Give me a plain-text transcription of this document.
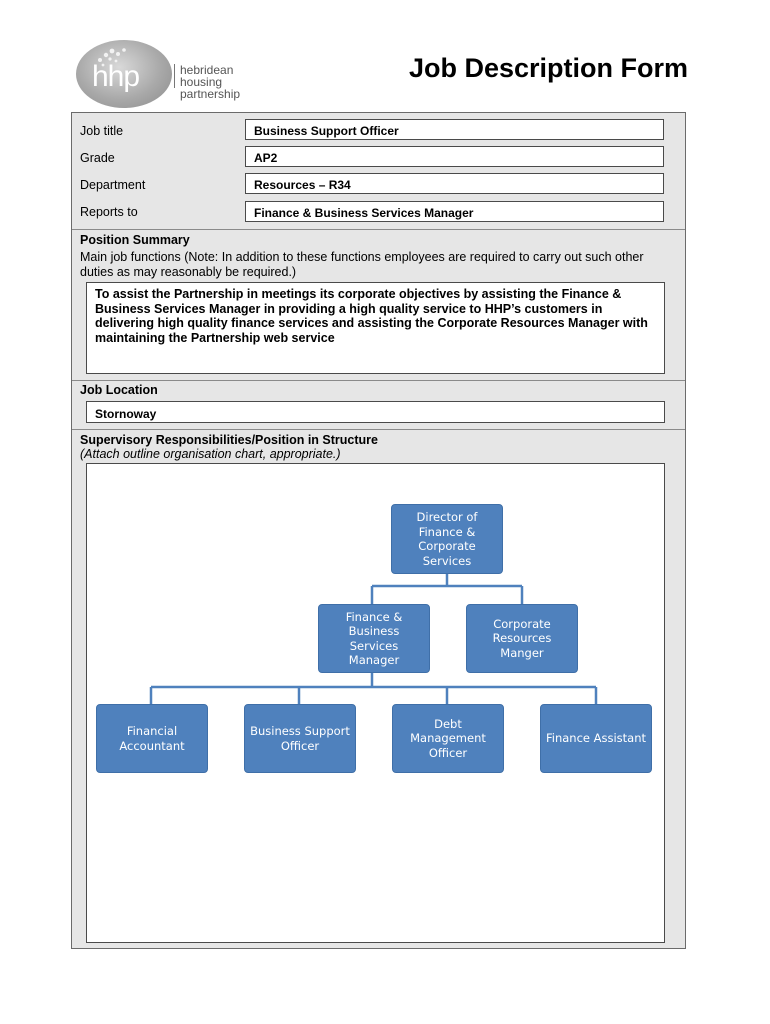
hhp	hebridean housing
partnership
Job Description Form
Job title	Business Support Officer
Grade	AP2
Department	Resources – R34
Reports to	Finance & Business Services Manager
Position Summary
Main job functions (Note: In addition to these functions employees are required to carry out such other duties as may reasonably be required.)
To assist the Partnership in meetings its corporate objectives by assisting the Finance & Business Services Manager in providing a high quality service to HHP’s customers in delivering high quality finance services and assisting the Corporate Resources Manager with maintaining the Partnership web service
Job Location
Stornoway
Supervisory Responsibilities/Position in Structure
(Attach outline organisation chart, appropriate.)
Director of
Finance &
Corporate
Services
Finance &
Business Services
Manager
Corporate
Resources
Manger
Financial
Accountant
Business Support
Officer
Debt
Management
Officer
Finance Assistant
